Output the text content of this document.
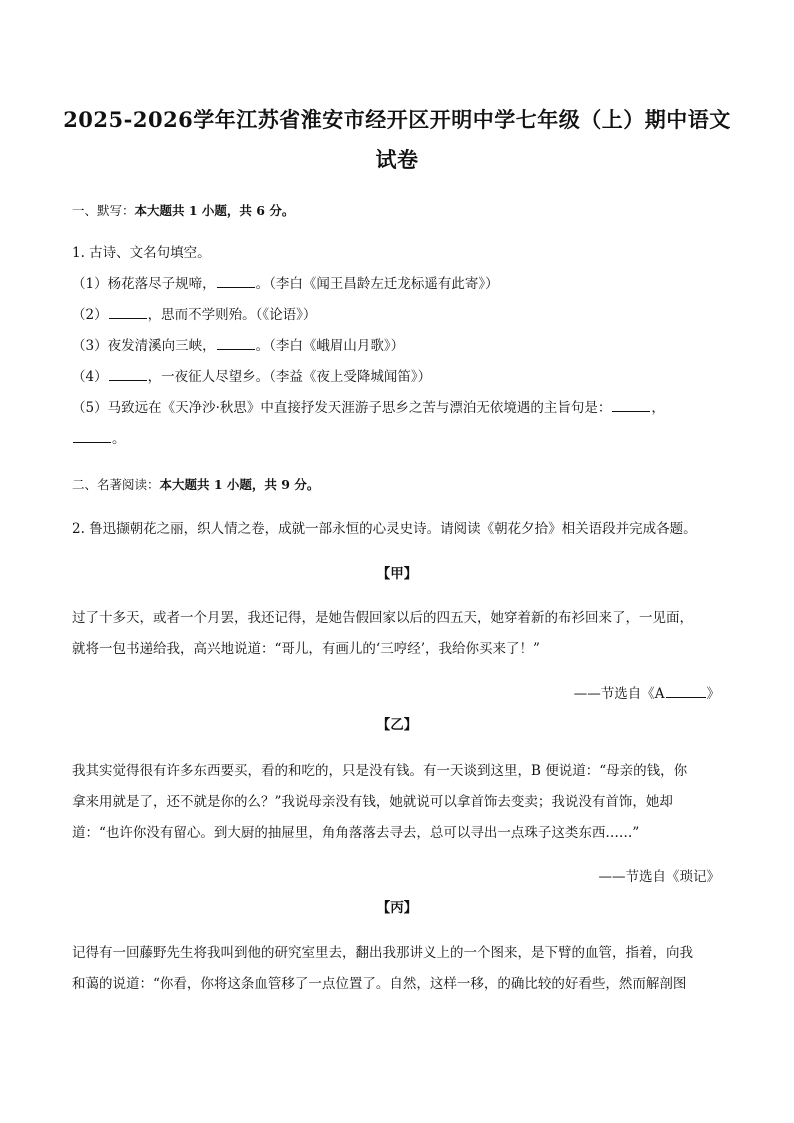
2025-2026学年江苏省淮安市经开区开明中学七年级（上）期中语文
试卷
一、默写：本大题共 1 小题，共 6 分。
1. 古诗、文名句填空。
（1）杨花落尽子规啼，	。（李白《闻王昌龄左迁龙标遥有此寄》）
（2）	，思而不学则殆。（《论语》）
（3）夜发清溪向三峡，	。（李白《峨眉山月歌》）
（4）	，一夜征人尽望乡。（李益《夜上受降城闻笛》）
（5）马致远在《天净沙·秋思》中直接抒发天涯游子思乡之苦与漂泊无依境遇的主旨句是：	，
。
二、名著阅读：本大题共 1 小题，共 9 分。
2. 鲁迅撷朝花之丽，织人情之卷，成就一部永恒的心灵史诗。请阅读《朝花夕拾》相关语段并完成各题。
【甲】
过了十多天，或者一个月罢，我还记得，是她告假回家以后的四五天，她穿着新的布衫回来了，一见面，
就将一包书递给我，高兴地说道：“哥儿，有画儿的‘三哼经’，我给你买来了！”
——节选自《A	》
【乙】
我其实觉得很有许多东西要买，看的和吃的，只是没有钱。有一天谈到这里，B 便说道：“母亲的钱，你
拿来用就是了，还不就是你的么？”我说母亲没有钱，她就说可以拿首饰去变卖；我说没有首饰，她却
道：“也许你没有留心。到大厨的抽屉里，角角落落去寻去，总可以寻出一点珠子这类东西……”
——节选自《琐记》
【丙】
记得有一回藤野先生将我叫到他的研究室里去，翻出我那讲义上的一个图来，是下臂的血管，指着，向我
和蔼的说道：“你看，你将这条血管移了一点位置了。自然，这样一移，的确比较的好看些，然而解剖图
